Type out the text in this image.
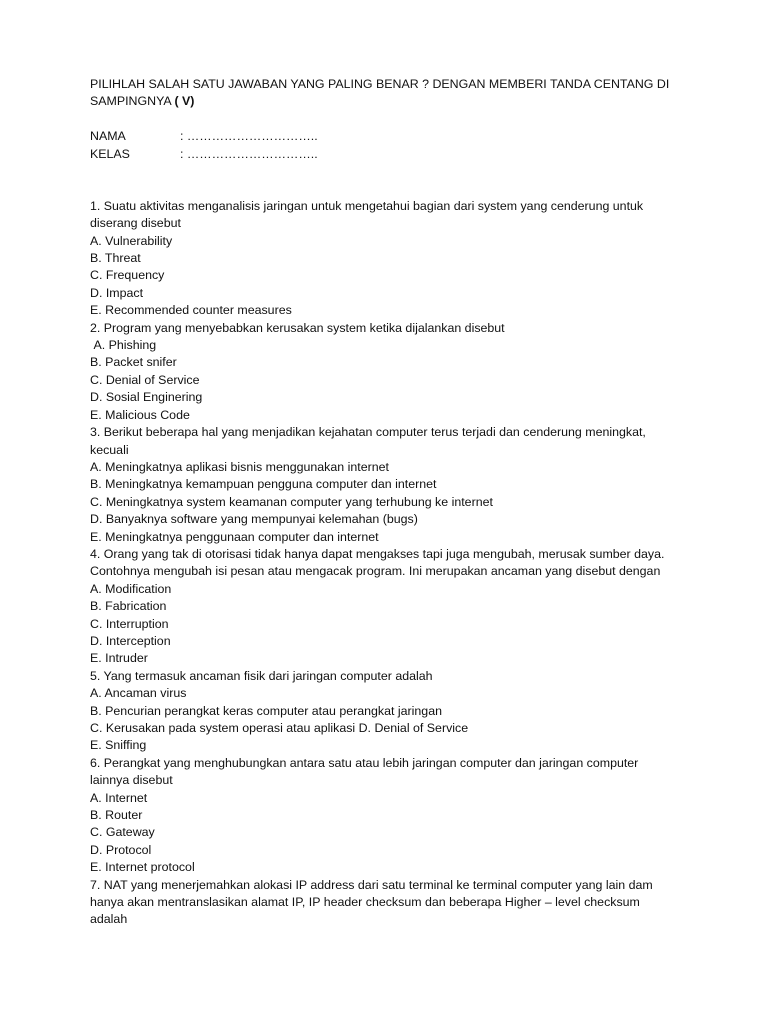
PILIHLAH SALAH SATU JAWABAN YANG PALING BENAR ? DENGAN MEMBERI TANDA CENTANG DI SAMPINGNYA ( V)

NAMA	: …………………………..
KELAS	: …………………………..

1. Suatu aktivitas menganalisis jaringan untuk mengetahui bagian dari system yang cenderung untuk diserang disebut

A. Vulnerability

B. Threat

C. Frequency

D. Impact

E. Recommended counter measures

2. Program yang menyebabkan kerusakan system ketika dijalankan disebut

A. Phishing

B. Packet snifer

C. Denial of Service

D. Sosial Enginering

E. Malicious Code

3. Berikut beberapa hal yang menjadikan kejahatan computer terus terjadi dan cenderung meningkat, kecuali

A. Meningkatnya aplikasi bisnis menggunakan internet

B. Meningkatnya kemampuan pengguna computer dan internet

C. Meningkatnya system keamanan computer yang terhubung ke internet

D. Banyaknya software yang mempunyai kelemahan (bugs)

E. Meningkatnya penggunaan computer dan internet

4. Orang yang tak di otorisasi tidak hanya dapat mengakses tapi juga mengubah, merusak sumber daya. Contohnya mengubah isi pesan atau mengacak program. Ini merupakan ancaman yang disebut dengan

A. Modification

B. Fabrication

C. Interruption

D. Interception

E. Intruder

5. Yang termasuk ancaman fisik dari jaringan computer adalah

A. Ancaman virus

B. Pencurian perangkat keras computer atau perangkat jaringan

C. Kerusakan pada system operasi atau aplikasi D. Denial of Service

E. Sniffing

6. Perangkat yang menghubungkan antara satu atau lebih jaringan computer dan jaringan computer lainnya disebut

A. Internet

B. Router

C. Gateway

D. Protocol

E. Internet protocol

7. NAT yang menerjemahkan alokasi IP address dari satu terminal ke terminal computer yang lain dam hanya akan mentranslasikan alamat IP, IP header checksum dan beberapa Higher – level checksum adalah
